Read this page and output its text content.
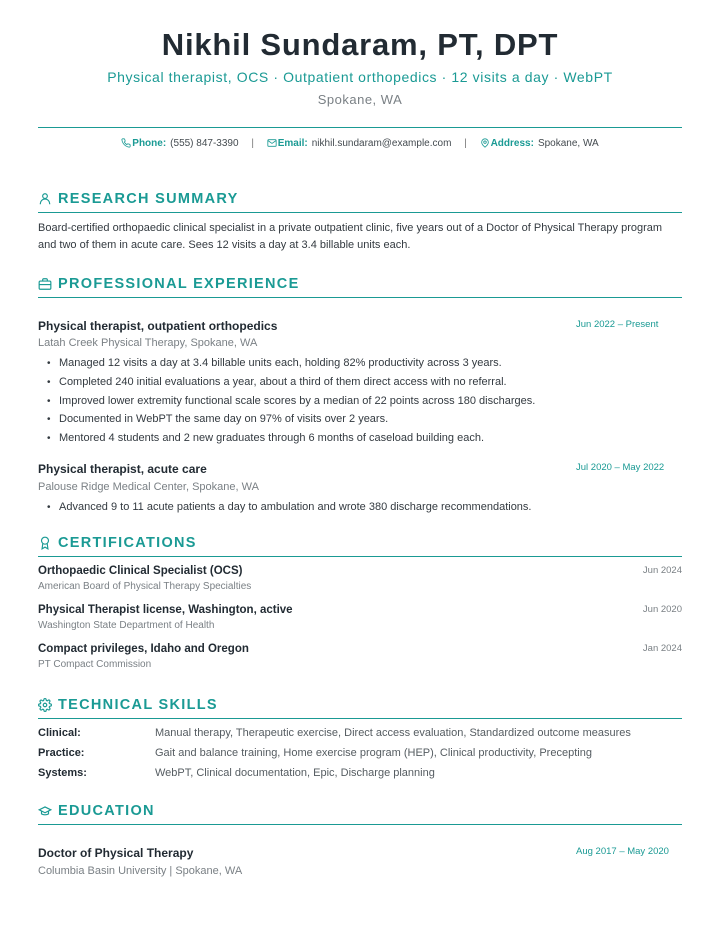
Nikhil Sundaram, PT, DPT
Physical therapist, OCS · Outpatient orthopedics · 12 visits a day · WebPT
Spokane, WA
Phone: (555) 847-3390 | Email: nikhil.sundaram@example.com | Address: Spokane, WA
RESEARCH SUMMARY
Board-certified orthopaedic clinical specialist in a private outpatient clinic, five years out of a Doctor of Physical Therapy program and two of them in acute care. Sees 12 visits a day at 3.4 billable units each.
PROFESSIONAL EXPERIENCE
Physical therapist, outpatient orthopedics	Jun 2022 – Present
Latah Creek Physical Therapy, Spokane, WA
• Managed 12 visits a day at 3.4 billable units each, holding 82% productivity across 3 years.
• Completed 240 initial evaluations a year, about a third of them direct access with no referral.
• Improved lower extremity functional scale scores by a median of 22 points across 180 discharges.
• Documented in WebPT the same day on 97% of visits over 2 years.
• Mentored 4 students and 2 new graduates through 6 months of caseload building each.
Physical therapist, acute care	Jul 2020 – May 2022
Palouse Ridge Medical Center, Spokane, WA
• Advanced 9 to 11 acute patients a day to ambulation and wrote 380 discharge recommendations.
CERTIFICATIONS
Orthopaedic Clinical Specialist (OCS)	Jun 2024
American Board of Physical Therapy Specialties
Physical Therapist license, Washington, active	Jun 2020
Washington State Department of Health
Compact privileges, Idaho and Oregon	Jan 2024
PT Compact Commission
TECHNICAL SKILLS
Clinical:	Manual therapy, Therapeutic exercise, Direct access evaluation, Standardized outcome measures
Practice:	Gait and balance training, Home exercise program (HEP), Clinical productivity, Precepting
Systems:	WebPT, Clinical documentation, Epic, Discharge planning
EDUCATION
Doctor of Physical Therapy	Aug 2017 – May 2020
Columbia Basin University | Spokane, WA
